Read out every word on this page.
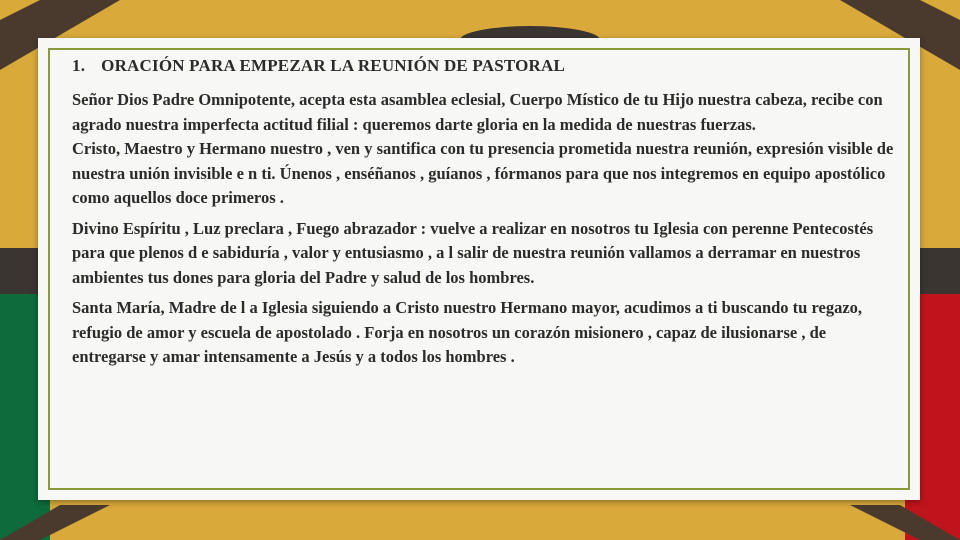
1. ORACIÓN PARA EMPEZAR LA REUNIÓN DE PASTORAL

Señor Dios Padre Omnipotente, acepta esta asamblea eclesial, Cuerpo Místico de tu Hijo nuestra cabeza, recibe con agrado nuestra imperfecta actitud filial : queremos darte gloria en la medida de nuestras fuerzas.

Cristo, Maestro y Hermano nuestro , ven y santifica con tu presencia prometida nuestra reunión, expresión visible de nuestra unión invisible e n ti. Únenos , enséñanos , guíanos , fórmanos para que nos integremos en equipo apostólico como aquellos doce primeros .

Divino Espíritu , Luz preclara , Fuego abrazador : vuelve a realizar en nosotros tu Iglesia con perenne Pentecostés para que plenos d e sabiduría , valor y entusiasmo , a l salir de nuestra reunión vallamos a derramar en nuestros ambientes tus dones para gloria del Padre y salud de los hombres.

Santa María, Madre de l a Iglesia siguiendo a Cristo nuestro Hermano mayor, acudimos a ti buscando tu regazo, refugio de amor y escuela de apostolado . Forja en nosotros un corazón misionero , capaz de ilusionarse , de entregarse y amar intensamente a Jesús y a todos los hombres .
